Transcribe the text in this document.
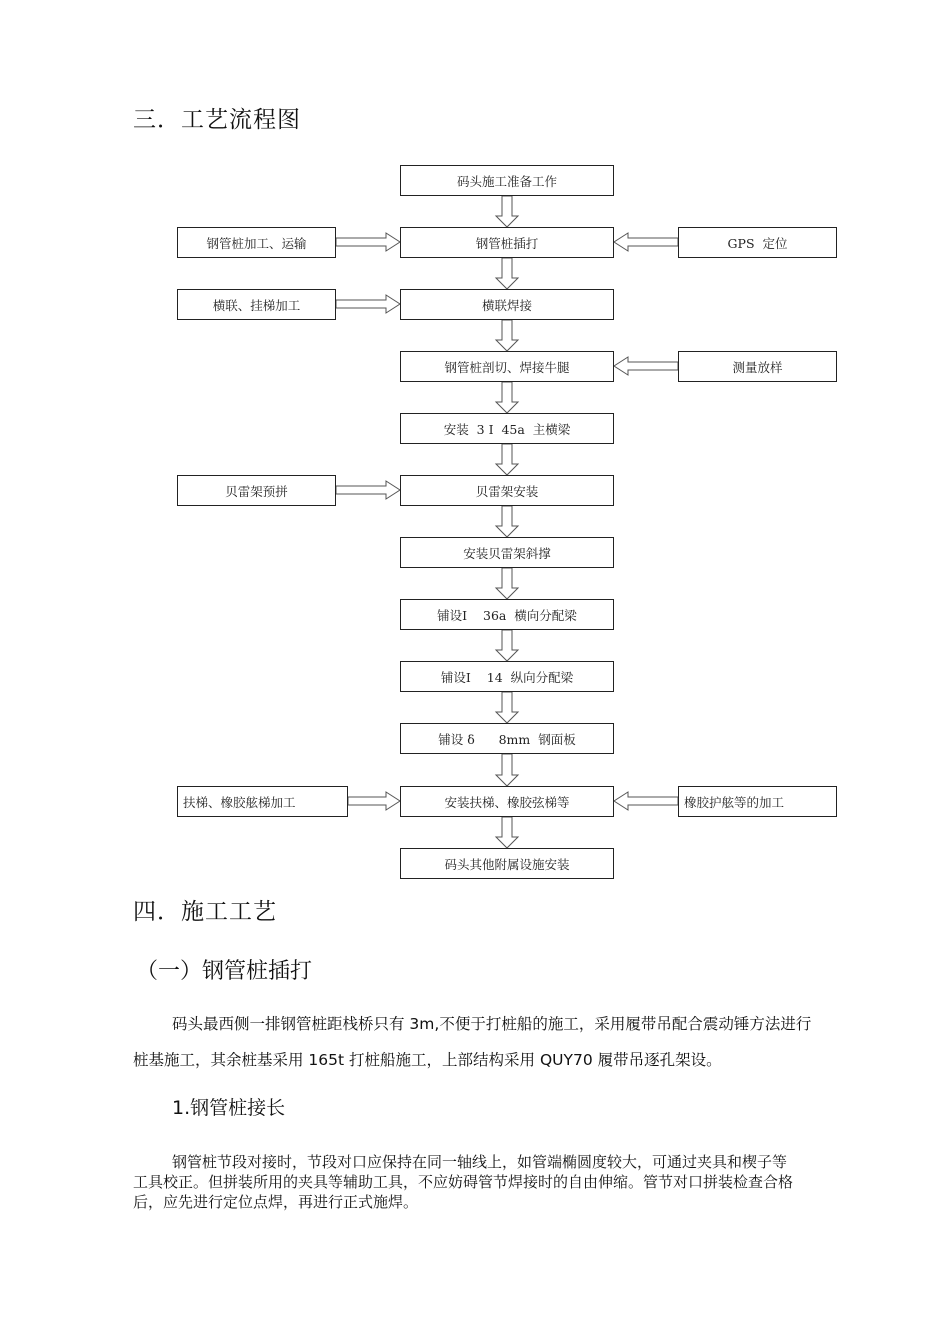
三．工艺流程图
码头施工准备工作
钢管桩插打
横联焊接
钢管桩剖切、焊接牛腿
安装  3 Ⅰ  45a  主横梁
贝雷架安装
安装贝雷架斜撑
铺设Ⅰ    36a  横向分配梁
铺设Ⅰ    14  纵向分配梁
铺设 δ      8mm  钢面板
安装扶梯、橡胶弦梯等
码头其他附属设施安装
钢管桩加工、运输
横联、挂梯加工
贝雷架预拼
扶梯、橡胶舷梯加工
GPS  定位
测量放样
橡胶护舷等的加工
四．施工工艺
（一）钢管桩插打

码头最西侧一排钢管桩距栈桥只有 3m,不便于打桩船的施工，采用履带吊配合震动锤方法进行

桩基施工，其余桩基采用 165t 打桩船施工，上部结构采用 QUY70 履带吊逐孔架设。

1.钢管桩接长

钢管桩节段对接时，节段对口应保持在同一轴线上，如管端椭圆度较大，可通过夹具和楔子等

工具校正。但拼装所用的夹具等辅助工具，不应妨碍管节焊接时的自由伸缩。管节对口拼装检查合格

后，应先进行定位点焊，再进行正式施焊。
